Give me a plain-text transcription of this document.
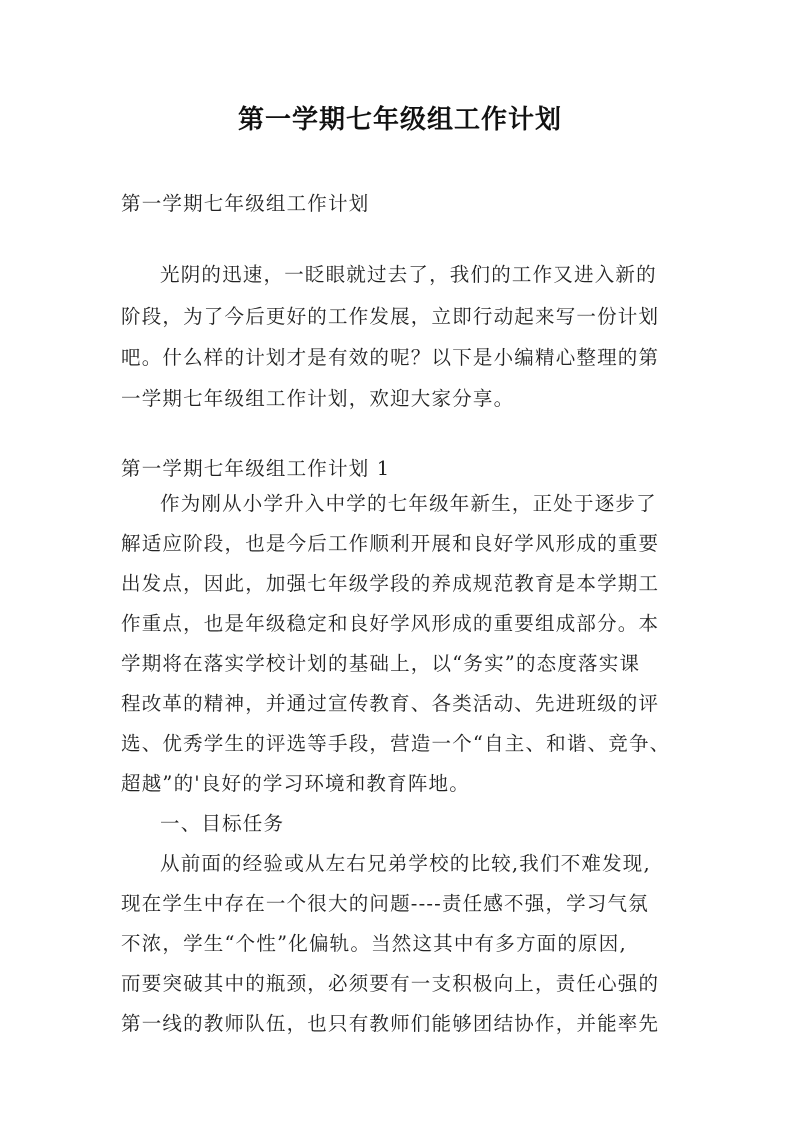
第一学期七年级组工作计划
第一学期七年级组工作计划
光阴的迅速，一眨眼就过去了，我们的工作又进入新的
阶段，为了今后更好的工作发展，立即行动起来写一份计划
吧。什么样的计划才是有效的呢？以下是小编精心整理的第
一学期七年级组工作计划，欢迎大家分享。
第一学期七年级组工作计划 1
作为刚从小学升入中学的七年级年新生，正处于逐步了
解适应阶段，也是今后工作顺利开展和良好学风形成的重要
出发点，因此，加强七年级学段的养成规范教育是本学期工
作重点，也是年级稳定和良好学风形成的重要组成部分。本
学期将在落实学校计划的基础上，以“务实”的态度落实课
程改革的精神，并通过宣传教育、各类活动、先进班级的评
选、优秀学生的评选等手段，营造一个“自主、和谐、竞争、
超越”的'良好的学习环境和教育阵地。
一、目标任务
从前面的经验或从左右兄弟学校的比较,我们不难发现,
现在学生中存在一个很大的问题----责任感不强，学习气氛
不浓，学生“个性”化偏轨。当然这其中有多方面的原因,
而要突破其中的瓶颈，必须要有一支积极向上，责任心强的
第一线的教师队伍，也只有教师们能够团结协作，并能率先
